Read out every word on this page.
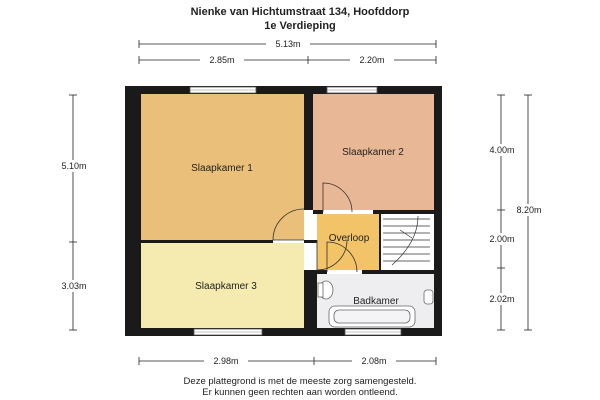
Nienke van Hichtumstraat 134, Hoofddorp
1e Verdieping
Slaapkamer 1
Slaapkamer 2
Slaapkamer 3
Overloop
Badkamer
5.13m
2.85m	2.20m
2.98m	2.08m
5.10m
3.03m
4.00m
2.00m
2.02m
8.20m
Deze plattegrond is met de meeste zorg samengesteld.
Er kunnen geen rechten aan worden ontleend.
